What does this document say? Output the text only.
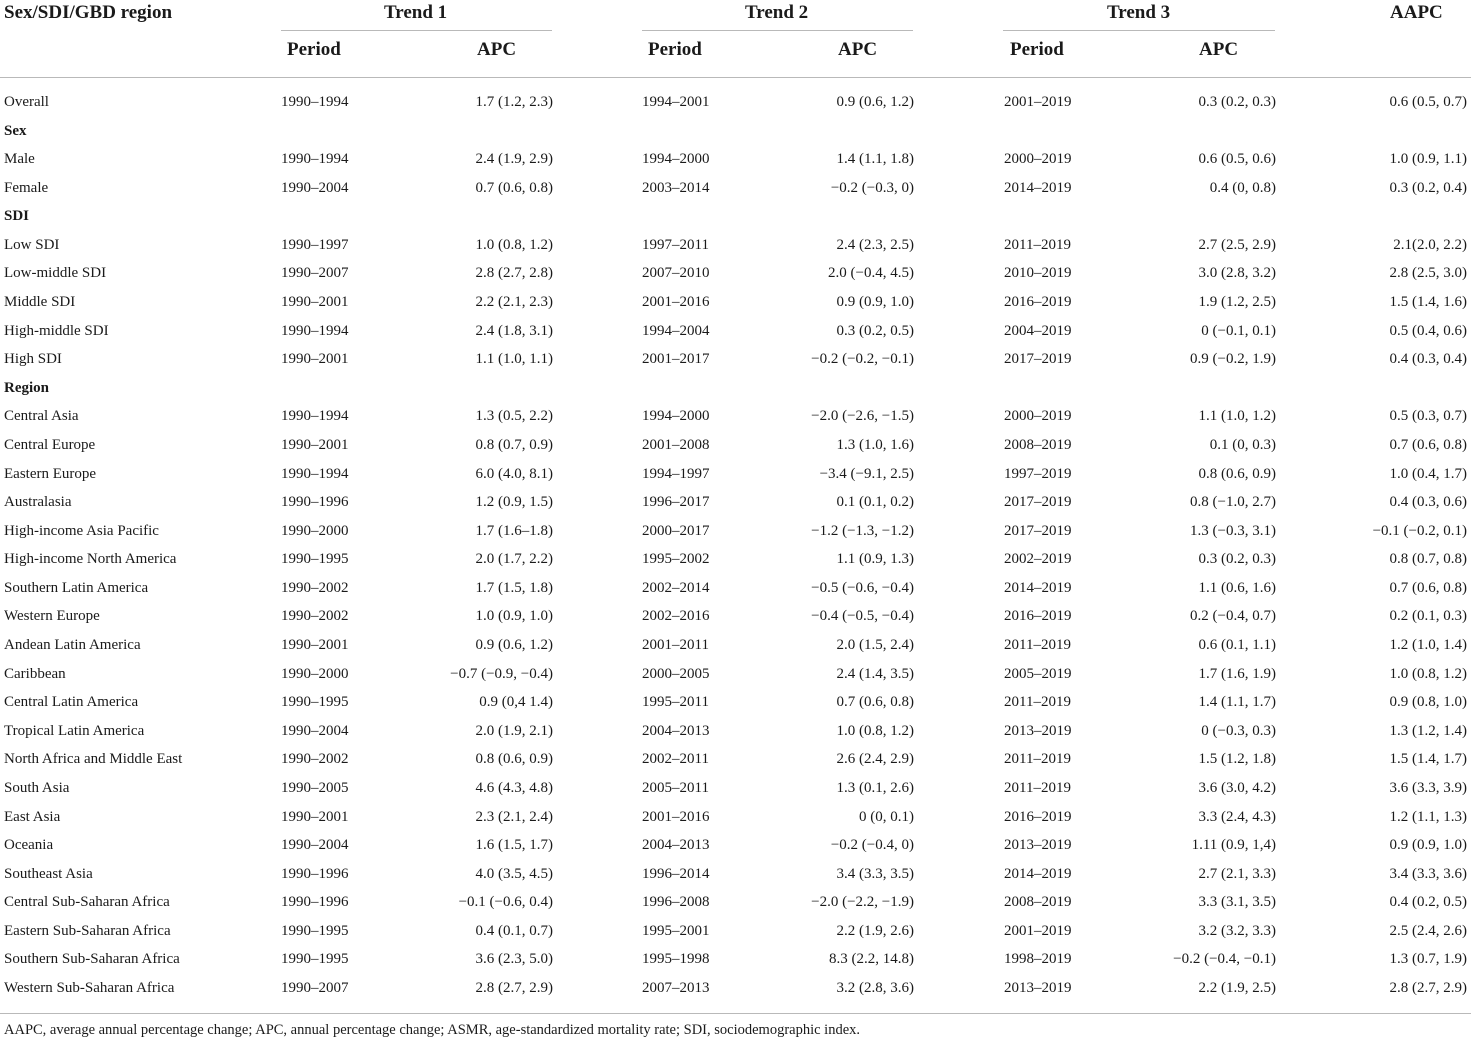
Sex/SDI/GBD region	Trend 1	Trend 2	Trend 3	AAPC
Period	APC	Period	APC	Period	APC
Overall	1990–1994	1.7 (1.2, 2.3)	1994–2001	0.9 (0.6, 1.2)	2001–2019	0.3 (0.2, 0.3)	0.6 (0.5, 0.7)
Sex
Male	1990–1994	2.4 (1.9, 2.9)	1994–2000	1.4 (1.1, 1.8)	2000–2019	0.6 (0.5, 0.6)	1.0 (0.9, 1.1)
Female	1990–2004	0.7 (0.6, 0.8)	2003–2014	−0.2 (−0.3, 0)	2014–2019	0.4 (0, 0.8)	0.3 (0.2, 0.4)
SDI
Low SDI	1990–1997	1.0 (0.8, 1.2)	1997–2011	2.4 (2.3, 2.5)	2011–2019	2.7 (2.5, 2.9)	2.1(2.0, 2.2)
Low-middle SDI	1990–2007	2.8 (2.7, 2.8)	2007–2010	2.0 (−0.4, 4.5)	2010–2019	3.0 (2.8, 3.2)	2.8 (2.5, 3.0)
Middle SDI	1990–2001	2.2 (2.1, 2.3)	2001–2016	0.9 (0.9, 1.0)	2016–2019	1.9 (1.2, 2.5)	1.5 (1.4, 1.6)
High-middle SDI	1990–1994	2.4 (1.8, 3.1)	1994–2004	0.3 (0.2, 0.5)	2004–2019	0 (−0.1, 0.1)	0.5 (0.4, 0.6)
High SDI	1990–2001	1.1 (1.0, 1.1)	2001–2017	−0.2 (−0.2, −0.1)	2017–2019	0.9 (−0.2, 1.9)	0.4 (0.3, 0.4)
Region
Central Asia	1990–1994	1.3 (0.5, 2.2)	1994–2000	−2.0 (−2.6, −1.5)	2000–2019	1.1 (1.0, 1.2)	0.5 (0.3, 0.7)
Central Europe	1990–2001	0.8 (0.7, 0.9)	2001–2008	1.3 (1.0, 1.6)	2008–2019	0.1 (0, 0.3)	0.7 (0.6, 0.8)
Eastern Europe	1990–1994	6.0 (4.0, 8.1)	1994–1997	−3.4 (−9.1, 2.5)	1997–2019	0.8 (0.6, 0.9)	1.0 (0.4, 1.7)
Australasia	1990–1996	1.2 (0.9, 1.5)	1996–2017	0.1 (0.1, 0.2)	2017–2019	0.8 (−1.0, 2.7)	0.4 (0.3, 0.6)
High-income Asia Pacific	1990–2000	1.7 (1.6–1.8)	2000–2017	−1.2 (−1.3, −1.2)	2017–2019	1.3 (−0.3, 3.1)	−0.1 (−0.2, 0.1)
High-income North America	1990–1995	2.0 (1.7, 2.2)	1995–2002	1.1 (0.9, 1.3)	2002–2019	0.3 (0.2, 0.3)	0.8 (0.7, 0.8)
Southern Latin America	1990–2002	1.7 (1.5, 1.8)	2002–2014	−0.5 (−0.6, −0.4)	2014–2019	1.1 (0.6, 1.6)	0.7 (0.6, 0.8)
Western Europe	1990–2002	1.0 (0.9, 1.0)	2002–2016	−0.4 (−0.5, −0.4)	2016–2019	0.2 (−0.4, 0.7)	0.2 (0.1, 0.3)
Andean Latin America	1990–2001	0.9 (0.6, 1.2)	2001–2011	2.0 (1.5, 2.4)	2011–2019	0.6 (0.1, 1.1)	1.2 (1.0, 1.4)
Caribbean	1990–2000	−0.7 (−0.9, −0.4)	2000–2005	2.4 (1.4, 3.5)	2005–2019	1.7 (1.6, 1.9)	1.0 (0.8, 1.2)
Central Latin America	1990–1995	0.9 (0,4 1.4)	1995–2011	0.7 (0.6, 0.8)	2011–2019	1.4 (1.1, 1.7)	0.9 (0.8, 1.0)
Tropical Latin America	1990–2004	2.0 (1.9, 2.1)	2004–2013	1.0 (0.8, 1.2)	2013–2019	0 (−0.3, 0.3)	1.3 (1.2, 1.4)
North Africa and Middle East	1990–2002	0.8 (0.6, 0.9)	2002–2011	2.6 (2.4, 2.9)	2011–2019	1.5 (1.2, 1.8)	1.5 (1.4, 1.7)
South Asia	1990–2005	4.6 (4.3, 4.8)	2005–2011	1.3 (0.1, 2.6)	2011–2019	3.6 (3.0, 4.2)	3.6 (3.3, 3.9)
East Asia	1990–2001	2.3 (2.1, 2.4)	2001–2016	0 (0, 0.1)	2016–2019	3.3 (2.4, 4.3)	1.2 (1.1, 1.3)
Oceania	1990–2004	1.6 (1.5, 1.7)	2004–2013	−0.2 (−0.4, 0)	2013–2019	1.11 (0.9, 1,4)	0.9 (0.9, 1.0)
Southeast Asia	1990–1996	4.0 (3.5, 4.5)	1996–2014	3.4 (3.3, 3.5)	2014–2019	2.7 (2.1, 3.3)	3.4 (3.3, 3.6)
Central Sub-Saharan Africa	1990–1996	−0.1 (−0.6, 0.4)	1996–2008	−2.0 (−2.2, −1.9)	2008–2019	3.3 (3.1, 3.5)	0.4 (0.2, 0.5)
Eastern Sub-Saharan Africa	1990–1995	0.4 (0.1, 0.7)	1995–2001	2.2 (1.9, 2.6)	2001–2019	3.2 (3.2, 3.3)	2.5 (2.4, 2.6)
Southern Sub-Saharan Africa	1990–1995	3.6 (2.3, 5.0)	1995–1998	8.3 (2.2, 14.8)	1998–2019	−0.2 (−0.4, −0.1)	1.3 (0.7, 1.9)
Western Sub-Saharan Africa	1990–2007	2.8 (2.7, 2.9)	2007–2013	3.2 (2.8, 3.6)	2013–2019	2.2 (1.9, 2.5)	2.8 (2.7, 2.9)
AAPC, average annual percentage change; APC, annual percentage change; ASMR, age-standardized mortality rate; SDI, sociodemographic index.
